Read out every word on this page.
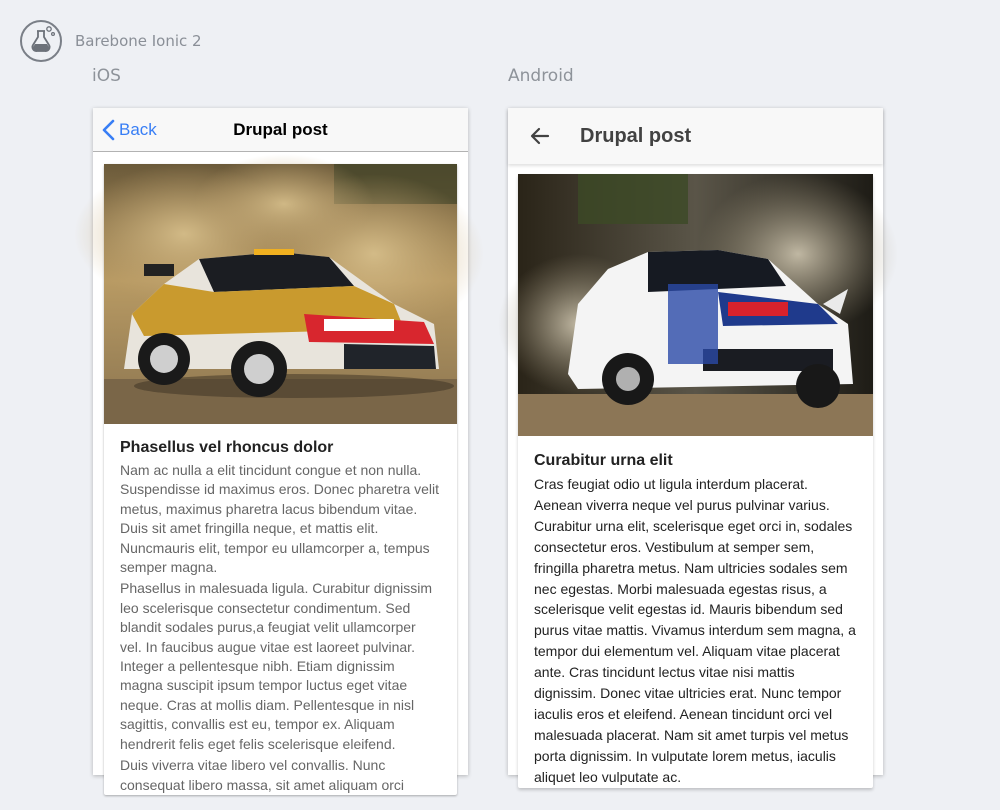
Barebone Ionic 2
iOS	Android
Back	Drupal post
Phasellus vel rhoncus dolor

Nam ac nulla a elit tincidunt congue et non nulla. Suspendisse id maximus eros. Donec pharetra velit metus, maximus pharetra lacus bibendum vitae. Duis sit amet fringilla neque, et mattis elit. Nuncmauris elit, tempor eu ullamcorper a, tempus semper magna.

Phasellus in malesuada ligula. Curabitur dignissim leo scelerisque consectetur condimentum. Sed blandit sodales purus,a feugiat velit ullamcorper vel. In faucibus augue vitae est laoreet pulvinar. Integer a pellentesque nibh. Etiam dignissim magna suscipit ipsum tempor luctus eget vitae neque. Cras at mollis diam. Pellentesque in nisl sagittis, convallis est eu, tempor ex. Aliquam hendrerit felis eget felis scelerisque eleifend.

Duis viverra vitae libero vel convallis. Nunc consequat libero massa, sit amet aliquam orci

Drupal post
Curabitur urna elit

Cras feugiat odio ut ligula interdum placerat. Aenean viverra neque vel purus pulvinar varius. Curabitur urna elit, scelerisque eget orci in, sodales consectetur eros. Vestibulum at semper sem, fringilla pharetra metus. Nam ultricies sodales sem nec egestas. Morbi malesuada egestas risus, a scelerisque velit egestas id. Mauris bibendum sed purus vitae mattis. Vivamus interdum sem magna, a tempor dui elementum vel. Aliquam vitae placerat ante. Cras tincidunt lectus vitae nisi mattis dignissim. Donec vitae ultricies erat. Nunc tempor iaculis eros et eleifend. Aenean tincidunt orci vel malesuada placerat. Nam sit amet turpis vel metus porta dignissim. In vulputate lorem metus, iaculis aliquet leo vulputate ac.
